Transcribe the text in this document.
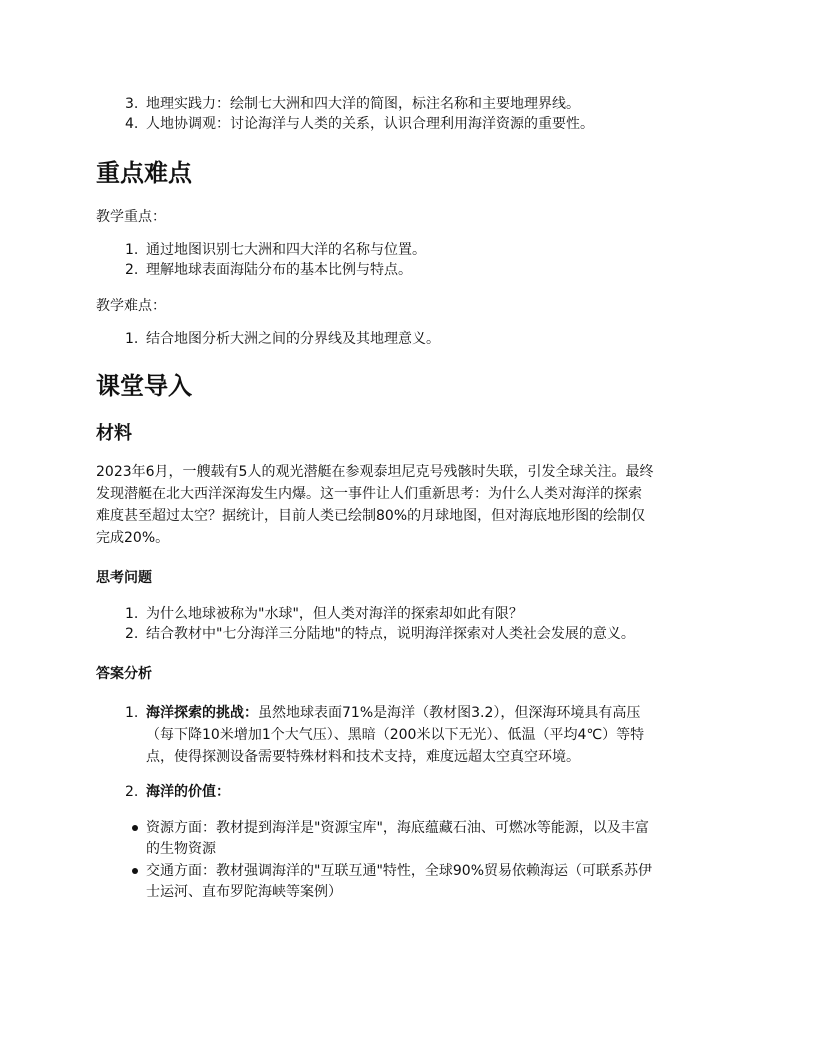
3. 地理实践力：绘制七大洲和四大洋的简图，标注名称和主要地理界线。
4. 人地协调观：讨论海洋与人类的关系，认识合理利用海洋资源的重要性。
重点难点

教学重点：

1. 通过地图识别七大洲和四大洋的名称与位置。
2. 理解地球表面海陆分布的基本比例与特点。

教学难点：

1. 结合地图分析大洲之间的分界线及其地理意义。
课堂导入
材料
2023年6月，一艘载有5人的观光潜艇在参观泰坦尼克号残骸时失联，引发全球关注。最终
发现潜艇在北大西洋深海发生内爆。这一事件让人们重新思考：为什么人类对海洋的探索
难度甚至超过太空？据统计，目前人类已绘制80%的月球地图，但对海底地形图的绘制仅
完成20%。
思考问题
1. 为什么地球被称为"水球"，但人类对海洋的探索却如此有限？
2. 结合教材中"七分海洋三分陆地"的特点，说明海洋探索对人类社会发展的意义。
答案分析
1. 海洋探索的挑战：虽然地球表面71%是海洋（教材图3.2），但深海环境具有高压
（每下降10米增加1个大气压）、黑暗（200米以下无光）、低温（平均4℃）等特
点，使得探测设备需要特殊材料和技术支持，难度远超太空真空环境。
2. 海洋的价值：
资源方面：教材提到海洋是"资源宝库"，海底蕴藏石油、可燃冰等能源，以及丰富
的生物资源
交通方面：教材强调海洋的"互联互通"特性，全球90%贸易依赖海运（可联系苏伊
士运河、直布罗陀海峡等案例）
